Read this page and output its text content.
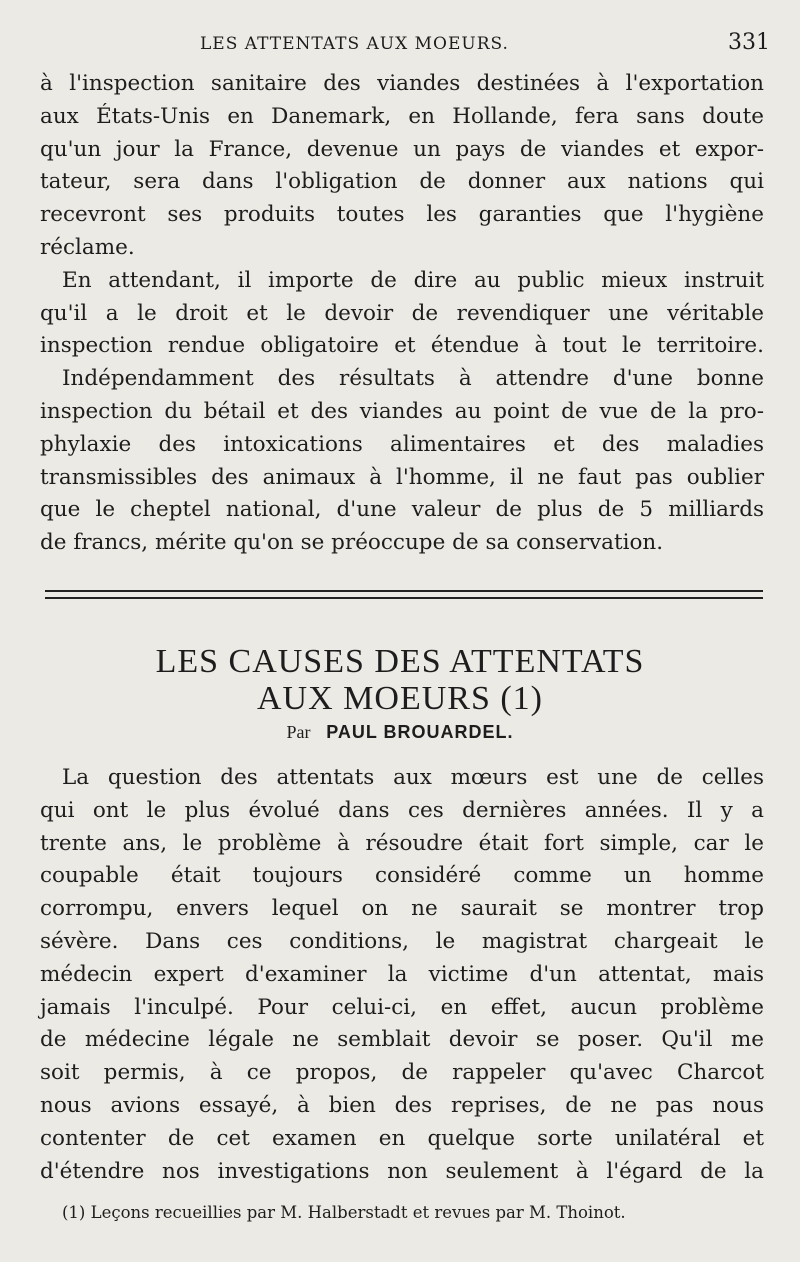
LES ATTENTATS AUX MOEURS.	331
à l'inspection sanitaire des viandes destinées à l'exportation
aux États-Unis en Danemark, en Hollande, fera sans doute
qu'un jour la France, devenue un pays de viandes et expor-
tateur, sera dans l'obligation de donner aux nations qui
recevront ses produits toutes les garanties que l'hygiène
réclame.
En attendant, il importe de dire au public mieux instruit
qu'il a le droit et le devoir de revendiquer une véritable
inspection rendue obligatoire et étendue à tout le territoire.
Indépendamment des résultats à attendre d'une bonne
inspection du bétail et des viandes au point de vue de la pro-
phylaxie des intoxications alimentaires et des maladies
transmissibles des animaux à l'homme, il ne faut pas oublier
que le cheptel national, d'une valeur de plus de 5 milliards
de francs, mérite qu'on se préoccupe de sa conservation.
LES CAUSES DES ATTENTATS
AUX MOEURS (1)
Par PAUL BROUARDEL.
La question des attentats aux mœurs est une de celles
qui ont le plus évolué dans ces dernières années. Il y a
trente ans, le problème à résoudre était fort simple, car le
coupable était toujours considéré comme un homme
corrompu, envers lequel on ne saurait se montrer trop
sévère. Dans ces conditions, le magistrat chargeait le
médecin expert d'examiner la victime d'un attentat, mais
jamais l'inculpé. Pour celui-ci, en effet, aucun problème
de médecine légale ne semblait devoir se poser. Qu'il me
soit permis, à ce propos, de rappeler qu'avec Charcot
nous avions essayé, à bien des reprises, de ne pas nous
contenter de cet examen en quelque sorte unilatéral et
d'étendre nos investigations non seulement à l'égard de la
(1) Leçons recueillies par M. Halberstadt et revues par M. Thoinot.
